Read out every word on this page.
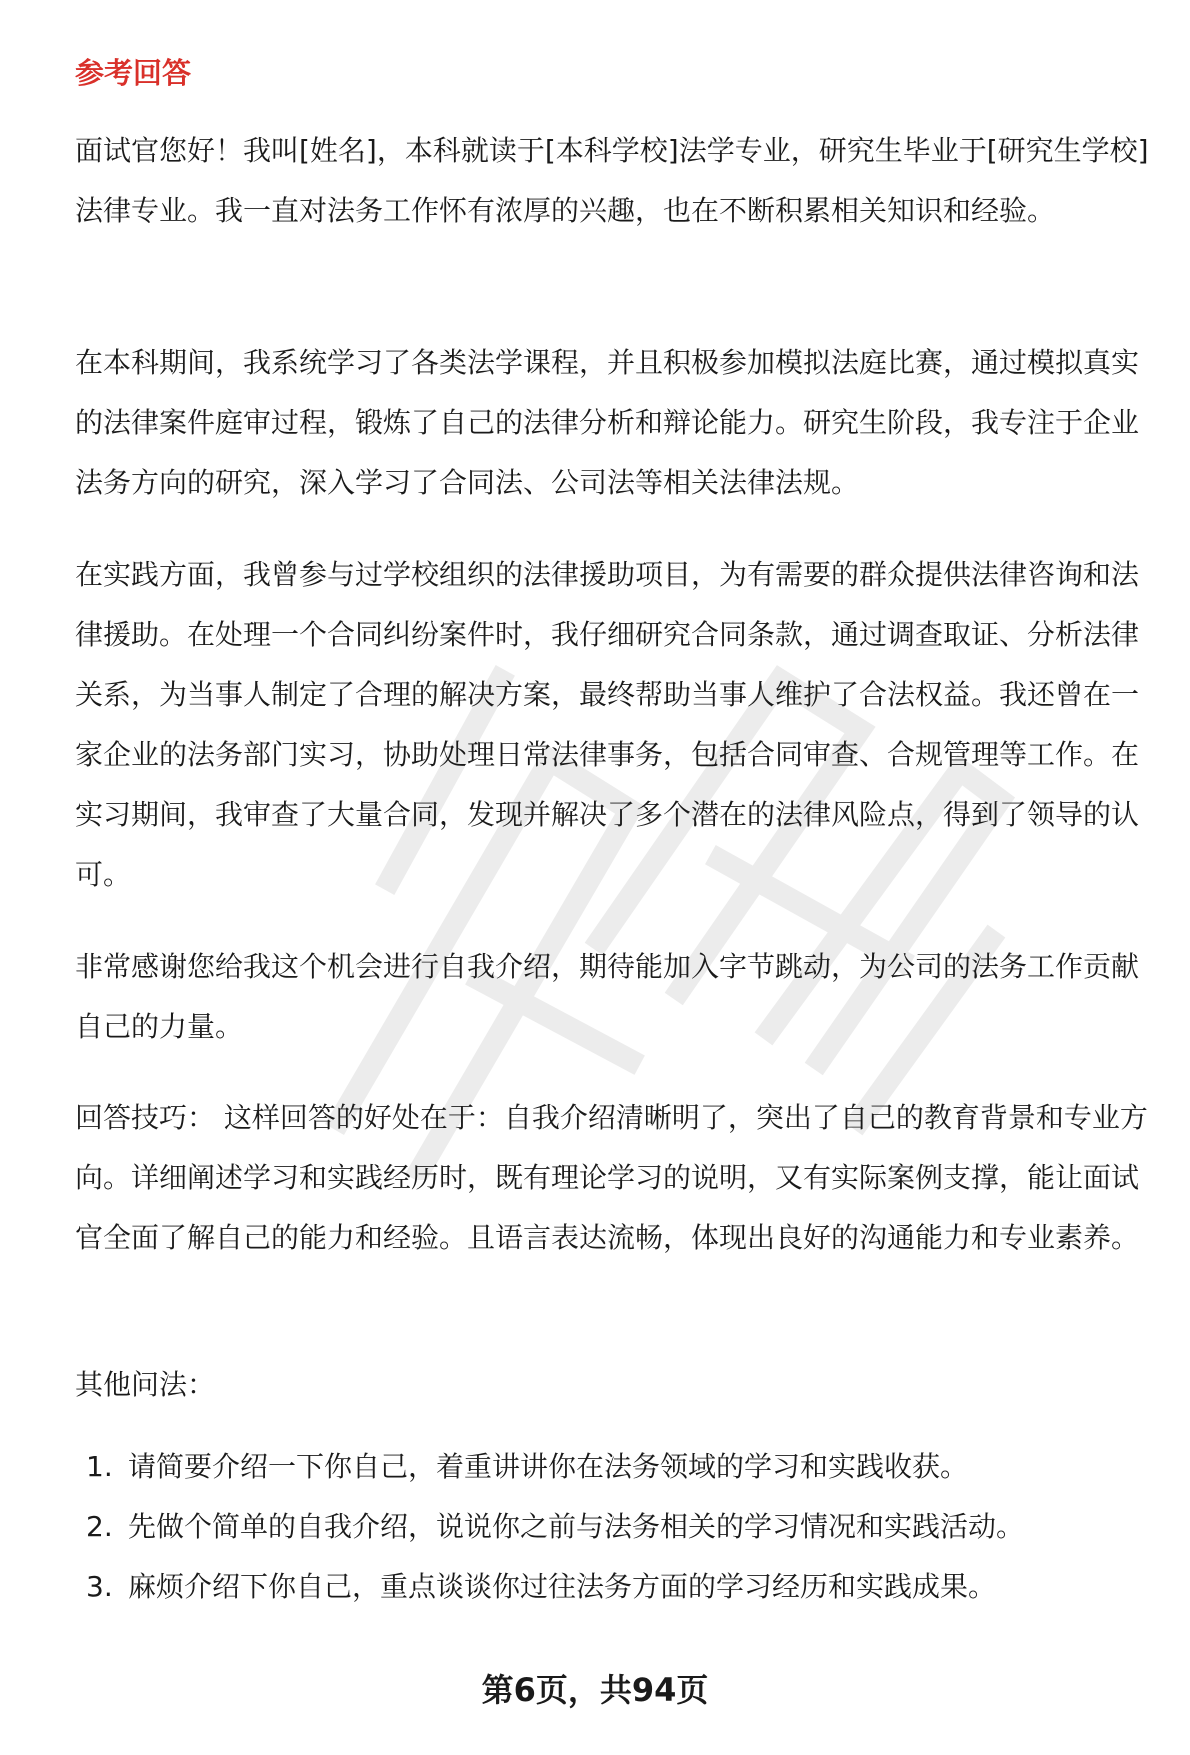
参考回答

面试官您好！我叫[姓名]，本科就读于[本科学校]法学专业，研究生毕业于[研究生学校]法律专业。我一直对法务工作怀有浓厚的兴趣，也在不断积累相关知识和经验。

在本科期间，我系统学习了各类法学课程，并且积极参加模拟法庭比赛，通过模拟真实的法律案件庭审过程，锻炼了自己的法律分析和辩论能力。研究生阶段，我专注于企业法务方向的研究，深入学习了合同法、公司法等相关法律法规。

在实践方面，我曾参与过学校组织的法律援助项目，为有需要的群众提供法律咨询和法律援助。在处理一个合同纠纷案件时，我仔细研究合同条款，通过调查取证、分析法律关系，为当事人制定了合理的解决方案，最终帮助当事人维护了合法权益。我还曾在一家企业的法务部门实习，协助处理日常法律事务，包括合同审查、合规管理等工作。在实习期间，我审查了大量合同，发现并解决了多个潜在的法律风险点，得到了领导的认可。

非常感谢您给我这个机会进行自我介绍，期待能加入字节跳动，为公司的法务工作贡献自己的力量。

回答技巧： 这样回答的好处在于：自我介绍清晰明了，突出了自己的教育背景和专业方向。详细阐述学习和实践经历时，既有理论学习的说明，又有实际案例支撑，能让面试官全面了解自己的能力和经验。且语言表达流畅，体现出良好的沟通能力和专业素养。

其他问法：

1. 请简要介绍一下你自己，着重讲讲你在法务领域的学习和实践收获。
2. 先做个简单的自我介绍，说说你之前与法务相关的学习情况和实践活动。
3. 麻烦介绍下你自己，重点谈谈你过往法务方面的学习经历和实践成果。

第6页，共94页
